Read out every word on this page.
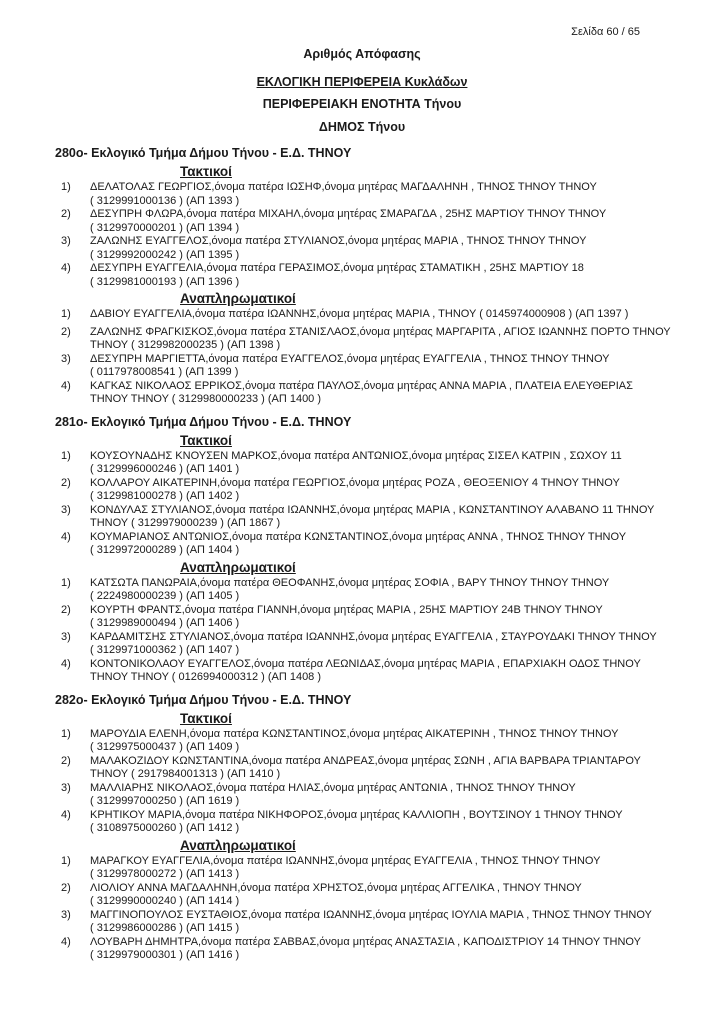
Σελίδα 60 / 65
Αριθμός Απόφασης
ΕΚΛΟΓΙΚΗ ΠΕΡΙΦΕΡΕΙΑ Κυκλάδων
ΠΕΡΙΦΕΡΕΙΑΚΗ ΕΝΟΤΗΤΑ Τήνου
ΔΗΜΟΣ Τήνου
280ο- Εκλογικό Τμήμα Δήμου Τήνου - Ε.Δ. ΤΗΝΟΥ
Τακτικοί
1) ΔΕΛΑΤΟΛΑΣ ΓΕΩΡΓΙΟΣ,όνομα πατέρα ΙΩΣΗΦ,όνομα μητέρας ΜΑΓΔΑΛΗΝΗ , ΤΗΝΟΣ ΤΗΝΟΥ ΤΗΝΟΥ
( 3129991000136 ) (ΑΠ 1393 )
2) ΔΕΣΥΠΡΗ ΦΛΩΡΑ,όνομα πατέρα ΜΙΧΑΗΛ,όνομα μητέρας ΣΜΑΡΑΓΔΑ , 25ΗΣ ΜΑΡΤΙΟΥ ΤΗΝΟΥ ΤΗΝΟΥ
( 3129970000201 ) (ΑΠ 1394 )
3) ΖΑΛΩΝΗΣ ΕΥΑΓΓΕΛΟΣ,όνομα πατέρα ΣΤΥΛΙΑΝΟΣ,όνομα μητέρας ΜΑΡΙΑ , ΤΗΝΟΣ ΤΗΝΟΥ ΤΗΝΟΥ
( 3129992000242 ) (ΑΠ 1395 )
4) ΔΕΣΥΠΡΗ ΕΥΑΓΓΕΛΙΑ,όνομα πατέρα ΓΕΡΑΣΙΜΟΣ,όνομα μητέρας ΣΤΑΜΑΤΙΚΗ , 25ΗΣ ΜΑΡΤΙΟΥ 18
( 3129981000193 ) (ΑΠ 1396 )
Αναπληρωματικοί
1) ΔΑΒΙΟΥ ΕΥΑΓΓΕΛΙΑ,όνομα πατέρα ΙΩΑΝΝΗΣ,όνομα μητέρας ΜΑΡΙΑ , ΤΗΝΟΥ ( 0145974000908 ) (ΑΠ 1397 )
2) ΖΑΛΩΝΗΣ ΦΡΑΓΚΙΣΚΟΣ,όνομα πατέρα ΣΤΑΝΙΣΛΑΟΣ,όνομα μητέρας ΜΑΡΓΑΡΙΤΑ , ΑΓΙΟΣ ΙΩΑΝΝΗΣ ΠΟΡΤΟ ΤΗΝΟΥ
ΤΗΝΟΥ ( 3129982000235 ) (ΑΠ 1398 )
3) ΔΕΣΥΠΡΗ ΜΑΡΓΙΕΤΤΑ,όνομα πατέρα ΕΥΑΓΓΕΛΟΣ,όνομα μητέρας ΕΥΑΓΓΕΛΙΑ , ΤΗΝΟΣ ΤΗΝΟΥ ΤΗΝΟΥ
( 0117978008541 ) (ΑΠ 1399 )
4) ΚΑΓΚΑΣ ΝΙΚΟΛΑΟΣ ΕΡΡΙΚΟΣ,όνομα πατέρα ΠΑΥΛΟΣ,όνομα μητέρας ΑΝΝΑ ΜΑΡΙΑ , ΠΛΑΤΕΙΑ ΕΛΕΥΘΕΡΙΑΣ
ΤΗΝΟΥ ΤΗΝΟΥ ( 3129980000233 ) (ΑΠ 1400 )
281ο- Εκλογικό Τμήμα Δήμου Τήνου - Ε.Δ. ΤΗΝΟΥ
Τακτικοί
1) ΚΟΥΣΟΥΝΑΔΗΣ ΚΝΟΥΣΕΝ ΜΑΡΚΟΣ,όνομα πατέρα ΑΝΤΩΝΙΟΣ,όνομα μητέρας ΣΙΣΕΛ ΚΑΤΡΙΝ , ΣΩΧΟΥ 11
( 3129996000246 ) (ΑΠ 1401 )
2) ΚΟΛΛΑΡΟΥ ΑΙΚΑΤΕΡΙΝΗ,όνομα πατέρα ΓΕΩΡΓΙΟΣ,όνομα μητέρας ΡΟΖΑ , ΘΕΟΞΕΝΙΟΥ 4 ΤΗΝΟΥ ΤΗΝΟΥ
( 3129981000278 ) (ΑΠ 1402 )
3) ΚΟΝΔΥΛΑΣ ΣΤΥΛΙΑΝΟΣ,όνομα πατέρα ΙΩΑΝΝΗΣ,όνομα μητέρας ΜΑΡΙΑ , ΚΩΝΣΤΑΝΤΙΝΟΥ ΑΛΑΒΑΝΟ 11 ΤΗΝΟΥ
ΤΗΝΟΥ ( 3129979000239 ) (ΑΠ 1867 )
4) ΚΟΥΜΑΡΙΑΝΟΣ ΑΝΤΩΝΙΟΣ,όνομα πατέρα ΚΩΝΣΤΑΝΤΙΝΟΣ,όνομα μητέρας ΑΝΝΑ , ΤΗΝΟΣ ΤΗΝΟΥ ΤΗΝΟΥ
( 3129972000289 ) (ΑΠ 1404 )
Αναπληρωματικοί
1) ΚΑΤΣΩΤΑ ΠΑΝΩΡΑΙΑ,όνομα πατέρα ΘΕΟΦΑΝΗΣ,όνομα μητέρας ΣΟΦΙΑ , ΒΑΡΥ ΤΗΝΟΥ ΤΗΝΟΥ ΤΗΝΟΥ
( 2224980000239 ) (ΑΠ 1405 )
2) ΚΟΥΡΤΗ ΦΡΑΝΤΣ,όνομα πατέρα ΓΙΑΝΝΗ,όνομα μητέρας ΜΑΡΙΑ , 25ΗΣ ΜΑΡΤΙΟΥ 24Β ΤΗΝΟΥ ΤΗΝΟΥ
( 3129989000494 ) (ΑΠ 1406 )
3) ΚΑΡΔΑΜΙΤΣΗΣ ΣΤΥΛΙΑΝΟΣ,όνομα πατέρα ΙΩΑΝΝΗΣ,όνομα μητέρας ΕΥΑΓΓΕΛΙΑ , ΣΤΑΥΡΟΥΔΑΚΙ ΤΗΝΟΥ ΤΗΝΟΥ
( 3129971000362 ) (ΑΠ 1407 )
4) ΚΟΝΤΟΝΙΚΟΛΑΟΥ ΕΥΑΓΓΕΛΟΣ,όνομα πατέρα ΛΕΩΝΙΔΑΣ,όνομα μητέρας ΜΑΡΙΑ , ΕΠΑΡΧΙΑΚΗ ΟΔΟΣ ΤΗΝΟΥ
ΤΗΝΟΥ ΤΗΝΟΥ ( 0126994000312 ) (ΑΠ 1408 )
282ο- Εκλογικό Τμήμα Δήμου Τήνου - Ε.Δ. ΤΗΝΟΥ
Τακτικοί
1) ΜΑΡΟΥΔΙΑ ΕΛΕΝΗ,όνομα πατέρα ΚΩΝΣΤΑΝΤΙΝΟΣ,όνομα μητέρας ΑΙΚΑΤΕΡΙΝΗ , ΤΗΝΟΣ ΤΗΝΟΥ ΤΗΝΟΥ
( 3129975000437 ) (ΑΠ 1409 )
2) ΜΑΛΑΚΟΖΙΔΟΥ ΚΩΝΣΤΑΝΤΙΝΑ,όνομα πατέρα ΑΝΔΡΕΑΣ,όνομα μητέρας ΣΩΝΗ , ΑΓΙΑ ΒΑΡΒΑΡΑ ΤΡΙΑΝΤΑΡΟΥ
ΤΗΝΟΥ ( 2917984001313 ) (ΑΠ 1410 )
3) ΜΑΛΛΙΑΡΗΣ ΝΙΚΟΛΑΟΣ,όνομα πατέρα ΗΛΙΑΣ,όνομα μητέρας ΑΝΤΩΝΙΑ , ΤΗΝΟΣ ΤΗΝΟΥ ΤΗΝΟΥ
( 3129997000250 ) (ΑΠ 1619 )
4) ΚΡΗΤΙΚΟΥ ΜΑΡΙΑ,όνομα πατέρα ΝΙΚΗΦΟΡΟΣ,όνομα μητέρας ΚΑΛΛΙΟΠΗ , ΒΟΥΤΣΙΝΟΥ 1 ΤΗΝΟΥ ΤΗΝΟΥ
( 3108975000260 ) (ΑΠ 1412 )
Αναπληρωματικοί
1) ΜΑΡΑΓΚΟΥ ΕΥΑΓΓΕΛΙΑ,όνομα πατέρα ΙΩΑΝΝΗΣ,όνομα μητέρας ΕΥΑΓΓΕΛΙΑ , ΤΗΝΟΣ ΤΗΝΟΥ ΤΗΝΟΥ
( 3129978000272 ) (ΑΠ 1413 )
2) ΛΙΟΛΙΟΥ ΑΝΝΑ ΜΑΓΔΑΛΗΝΗ,όνομα πατέρα ΧΡΗΣΤΟΣ,όνομα μητέρας ΑΓΓΕΛΙΚΑ , ΤΗΝΟΥ ΤΗΝΟΥ
( 3129990000240 ) (ΑΠ 1414 )
3) ΜΑΓΓΙΝΟΠΟΥΛΟΣ ΕΥΣΤΑΘΙΟΣ,όνομα πατέρα ΙΩΑΝΝΗΣ,όνομα μητέρας ΙΟΥΛΙΑ ΜΑΡΙΑ , ΤΗΝΟΣ ΤΗΝΟΥ ΤΗΝΟΥ
( 3129986000286 ) (ΑΠ 1415 )
4) ΛΟΥΒΑΡΗ ΔΗΜΗΤΡΑ,όνομα πατέρα ΣΑΒΒΑΣ,όνομα μητέρας ΑΝΑΣΤΑΣΙΑ , ΚΑΠΟΔΙΣΤΡΙΟΥ 14 ΤΗΝΟΥ ΤΗΝΟΥ
( 3129979000301 ) (ΑΠ 1416 )
